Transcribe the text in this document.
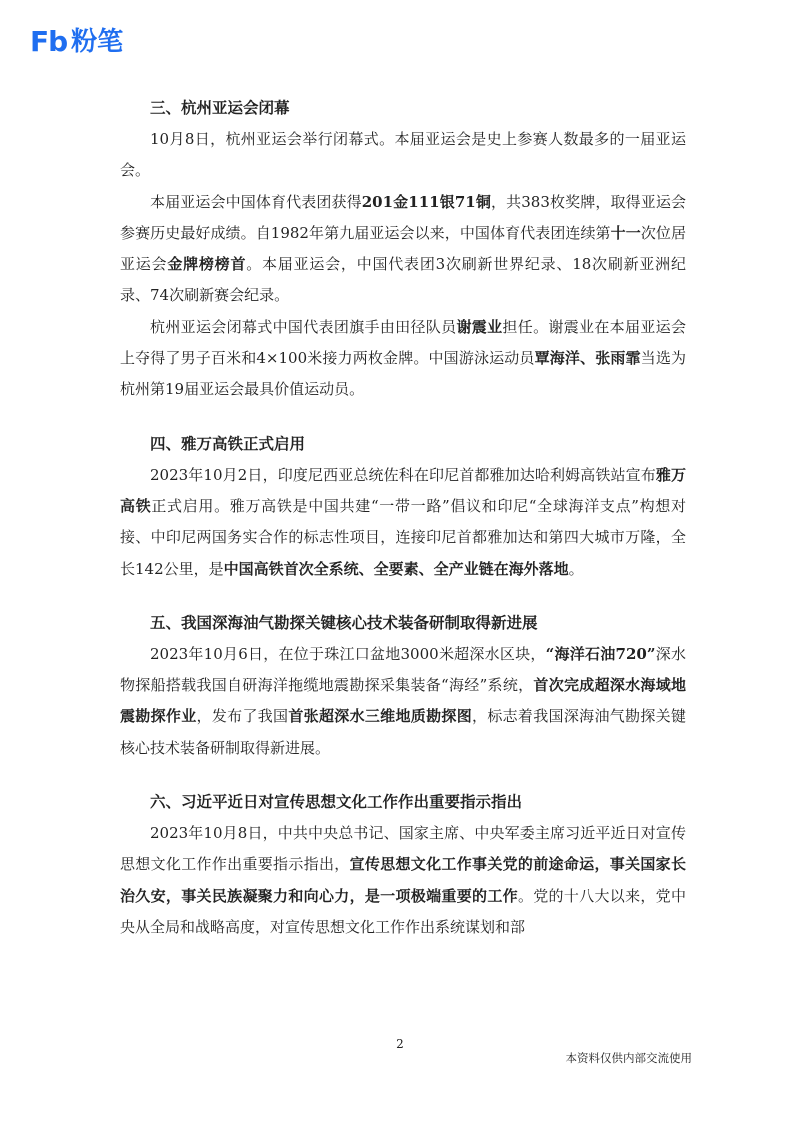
Fb 粉笔
三、杭州亚运会闭幕

10月8日，杭州亚运会举行闭幕式。本届亚运会是史上参赛人数最多的一届亚运会。

本届亚运会中国体育代表团获得201金111银71铜，共383枚奖牌，取得亚运会参赛历史最好成绩。自1982年第九届亚运会以来，中国体育代表团连续第十一次位居亚运会金牌榜榜首。本届亚运会，中国代表团3次刷新世界纪录、18次刷新亚洲纪录、74次刷新赛会纪录。

杭州亚运会闭幕式中国代表团旗手由田径队员谢震业担任。谢震业在本届亚运会上夺得了男子百米和4×100米接力两枚金牌。中国游泳运动员覃海洋、张雨霏当选为杭州第19届亚运会最具价值运动员。

四、雅万高铁正式启用

2023年10月2日，印度尼西亚总统佐科在印尼首都雅加达哈利姆高铁站宣布雅万高铁正式启用。雅万高铁是中国共建“一带一路”倡议和印尼“全球海洋支点”构想对接、中印尼两国务实合作的标志性项目，连接印尼首都雅加达和第四大城市万隆，全长142公里，是中国高铁首次全系统、全要素、全产业链在海外落地。

五、我国深海油气勘探关键核心技术装备研制取得新进展

2023年10月6日，在位于珠江口盆地3000米超深水区块，“海洋石油720”深水物探船搭载我国自研海洋拖缆地震勘探采集装备“海经”系统，首次完成超深水海域地震勘探作业，发布了我国首张超深水三维地质勘探图，标志着我国深海油气勘探关键核心技术装备研制取得新进展。

六、习近平近日对宣传思想文化工作作出重要指示指出

2023年10月8日，中共中央总书记、国家主席、中央军委主席习近平近日对宣传思想文化工作作出重要指示指出，宣传思想文化工作事关党的前途命运，事关国家长治久安，事关民族凝聚力和向心力，是一项极端重要的工作。党的十八大以来，党中央从全局和战略高度，对宣传思想文化工作作出系统谋划和部

2
本资料仅供内部交流使用
